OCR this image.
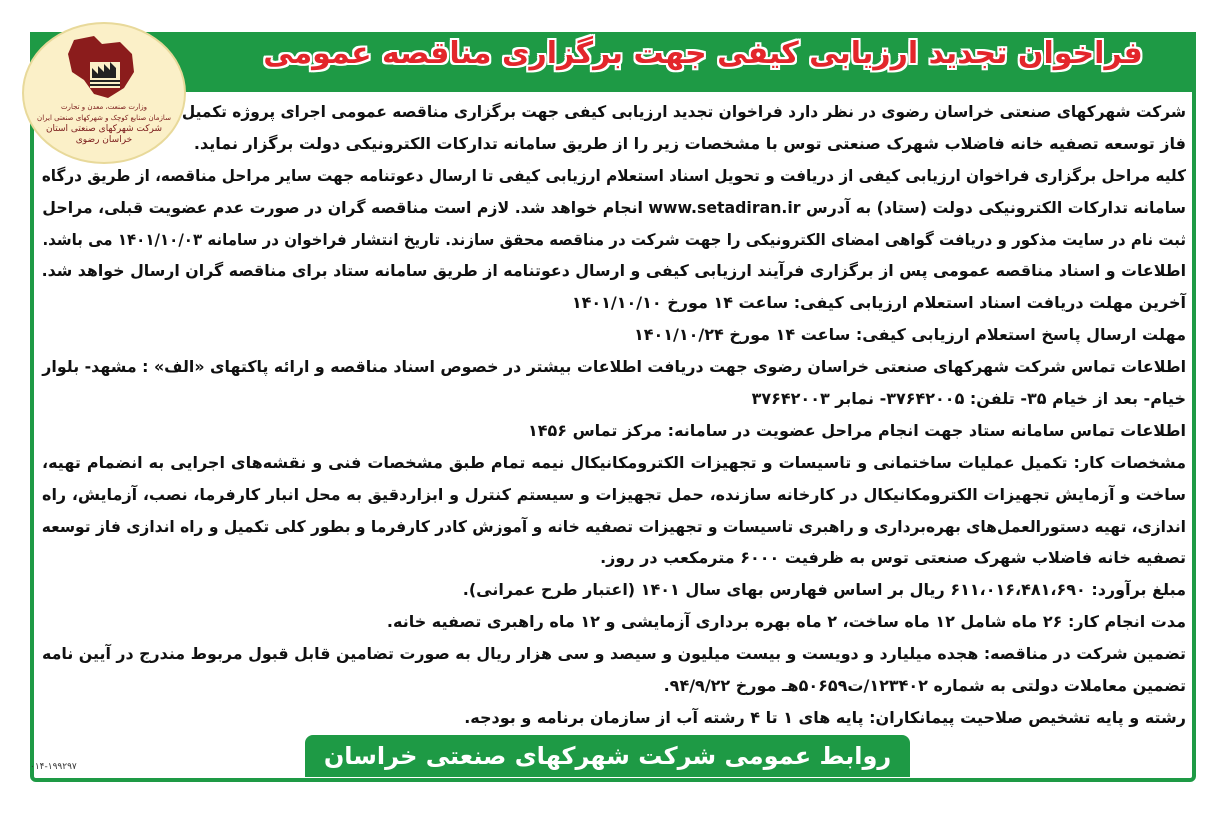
فراخوان تجدید ارزیابی کیفی جهت برگزاری مناقصه عمومی
وزارت صنعت، معدن و تجارت
سازمان صنایع کوچک و شهرکهای صنعتی ایران
شرکت شهرکهای صنعتی استان خراسان رضوی
شرکت شهرکهای صنعتی خراسان رضوی در نظر دارد فراخوان تجدید ارزیابی کیفی جهت برگزاری مناقصه عمومی اجرای پروژه تکمیل
فاز توسعه تصفیه خانه فاضلاب شهرک صنعتی توس با مشخصات زیر را از طریق سامانه تدارکات الکترونیکی دولت برگزار نماید.
کلیه مراحل برگزاری فراخوان ارزیابی کیفی از دریافت و تحویل اسناد استعلام ارزیابی کیفی تا ارسال دعوتنامه جهت سایر مراحل مناقصه، از طریق درگاه
سامانه تدارکات الکترونیکی دولت (ستاد) به آدرس www.setadiran.ir انجام خواهد شد. لازم است مناقصه گران در صورت عدم عضویت قبلی، مراحل
ثبت نام در سایت مذکور و دریافت گواهی امضای الکترونیکی را جهت شرکت در مناقصه محقق سازند. تاریخ انتشار فراخوان در سامانه ۱۴۰۱/۱۰/۰۳ می باشد.
اطلاعات و اسناد مناقصه عمومی پس از برگزاری فرآیند ارزیابی کیفی و ارسال دعوتنامه از طریق سامانه ستاد برای مناقصه گران ارسال خواهد شد.
آخرین مهلت دریافت اسناد استعلام ارزیابی کیفی: ساعت ۱۴ مورخ ۱۴۰۱/۱۰/۱۰
مهلت ارسال پاسخ استعلام ارزیابی کیفی: ساعت ۱۴ مورخ ۱۴۰۱/۱۰/۲۴
اطلاعات تماس شرکت شهرکهای صنعتی خراسان رضوی جهت دریافت اطلاعات بیشتر در خصوص اسناد مناقصه و ارائه پاکتهای «الف» : مشهد- بلوار
خیام- بعد از خیام ۳۵- تلفن: ۳۷۶۴۲۰۰۵- نمابر ۳۷۶۴۲۰۰۳
اطلاعات تماس سامانه ستاد جهت انجام مراحل عضویت در سامانه: مرکز تماس ۱۴۵۶
مشخصات کار: تکمیل عملیات ساختمانی و تاسیسات و تجهیزات الکترومکانیکال نیمه تمام طبق مشخصات فنی و نقشه‌های اجرایی به انضمام تهیه،
ساخت و آزمایش تجهیزات الکترومکانیکال در کارخانه سازنده، حمل تجهیزات و سیستم کنترل و ابزاردقیق به محل انبار کارفرما، نصب، آزمایش، راه
اندازی، تهیه دستورالعمل‌های بهره‌برداری و راهبری تاسیسات و تجهیزات تصفیه خانه و آموزش کادر کارفرما و بطور کلی تکمیل و راه اندازی فاز توسعه
تصفیه خانه فاضلاب شهرک صنعتی توس به ظرفیت ۶۰۰۰ مترمکعب در روز.
مبلغ برآورد: ۶۱۱،۰۱۶،۴۸۱،۶۹۰ ریال بر اساس فهارس بهای سال ۱۴۰۱ (اعتبار طرح عمرانی).
مدت انجام کار: ۲۶ ماه شامل ۱۲ ماه ساخت، ۲ ماه بهره برداری آزمایشی و ۱۲ ماه راهبری تصفیه خانه.
تضمین شرکت در مناقصه: هجده میلیارد و دویست و بیست میلیون و سیصد و سی هزار ریال به صورت تضامین قابل قبول مربوط مندرج در آیین نامه
تضمین معاملات دولتی به شماره ۱۲۳۴۰۲/ت۵۰۶۵۹هـ مورخ ۹۴/۹/۲۲.
رشته و پایه تشخیص صلاحیت پیمانکاران: پایه های ۱ تا ۴ رشته آب از سازمان برنامه و بودجه.
روابط عمومی شرکت شهرکهای صنعتی خراسان رضوی
۰۱۴-۱۹۹۲۹۷
